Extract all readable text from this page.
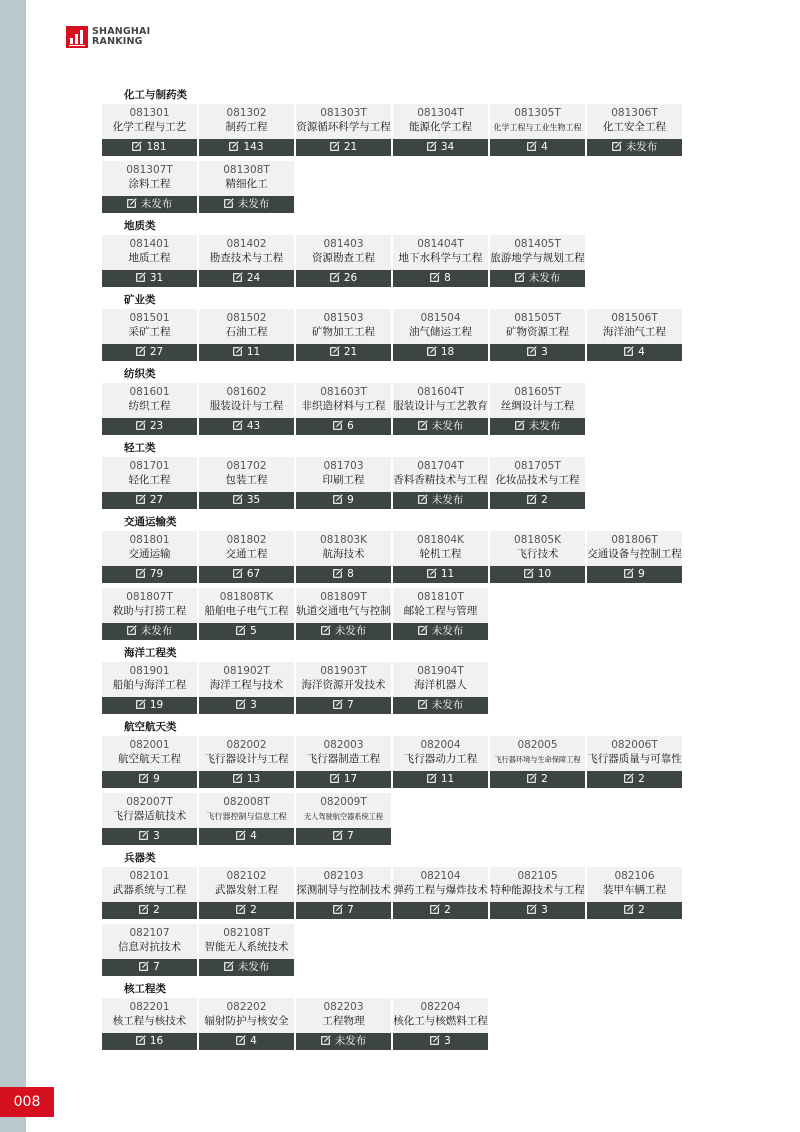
SHANGHAI
RANKING
化工与制药类
081301
化学工程与工艺
181
081302
制药工程
143
081303T
资源循环科学与工程
21
081304T
能源化学工程
34
081305T
化学工程与工业生物工程
4
081306T
化工安全工程
未发布
081307T
涂料工程
未发布
081308T
精细化工
未发布
地质类
081401
地质工程
31
081402
勘查技术与工程
24
081403
资源勘查工程
26
081404T
地下水科学与工程
8
081405T
旅游地学与规划工程
未发布
矿业类
081501
采矿工程
27
081502
石油工程
11
081503
矿物加工工程
21
081504
油气储运工程
18
081505T
矿物资源工程
3
081506T
海洋油气工程
4
纺织类
081601
纺织工程
23
081602
服装设计与工程
43
081603T
非织造材料与工程
6
081604T
服装设计与工艺教育
未发布
081605T
丝绸设计与工程
未发布
轻工类
081701
轻化工程
27
081702
包装工程
35
081703
印刷工程
9
081704T
香料香精技术与工程
未发布
081705T
化妆品技术与工程
2
交通运输类
081801
交通运输
79
081802
交通工程
67
081803K
航海技术
8
081804K
轮机工程
11
081805K
飞行技术
10
081806T
交通设备与控制工程
9
081807T
救助与打捞工程
未发布
081808TK
船舶电子电气工程
5
081809T
轨道交通电气与控制
未发布
081810T
邮轮工程与管理
未发布
海洋工程类
081901
船舶与海洋工程
19
081902T
海洋工程与技术
3
081903T
海洋资源开发技术
7
081904T
海洋机器人
未发布
航空航天类
082001
航空航天工程
9
082002
飞行器设计与工程
13
082003
飞行器制造工程
17
082004
飞行器动力工程
11
082005
飞行器环境与生命保障工程
2
082006T
飞行器质量与可靠性
2
082007T
飞行器适航技术
3
082008T
飞行器控制与信息工程
4
082009T
无人驾驶航空器系统工程
7
兵器类
082101
武器系统与工程
2
082102
武器发射工程
2
082103
探测制导与控制技术
7
082104
弹药工程与爆炸技术
2
082105
特种能源技术与工程
3
082106
装甲车辆工程
2
082107
信息对抗技术
7
082108T
智能无人系统技术
未发布
核工程类
082201
核工程与核技术
16
082202
辐射防护与核安全
4
082203
工程物理
未发布
082204
核化工与核燃料工程
3
008
